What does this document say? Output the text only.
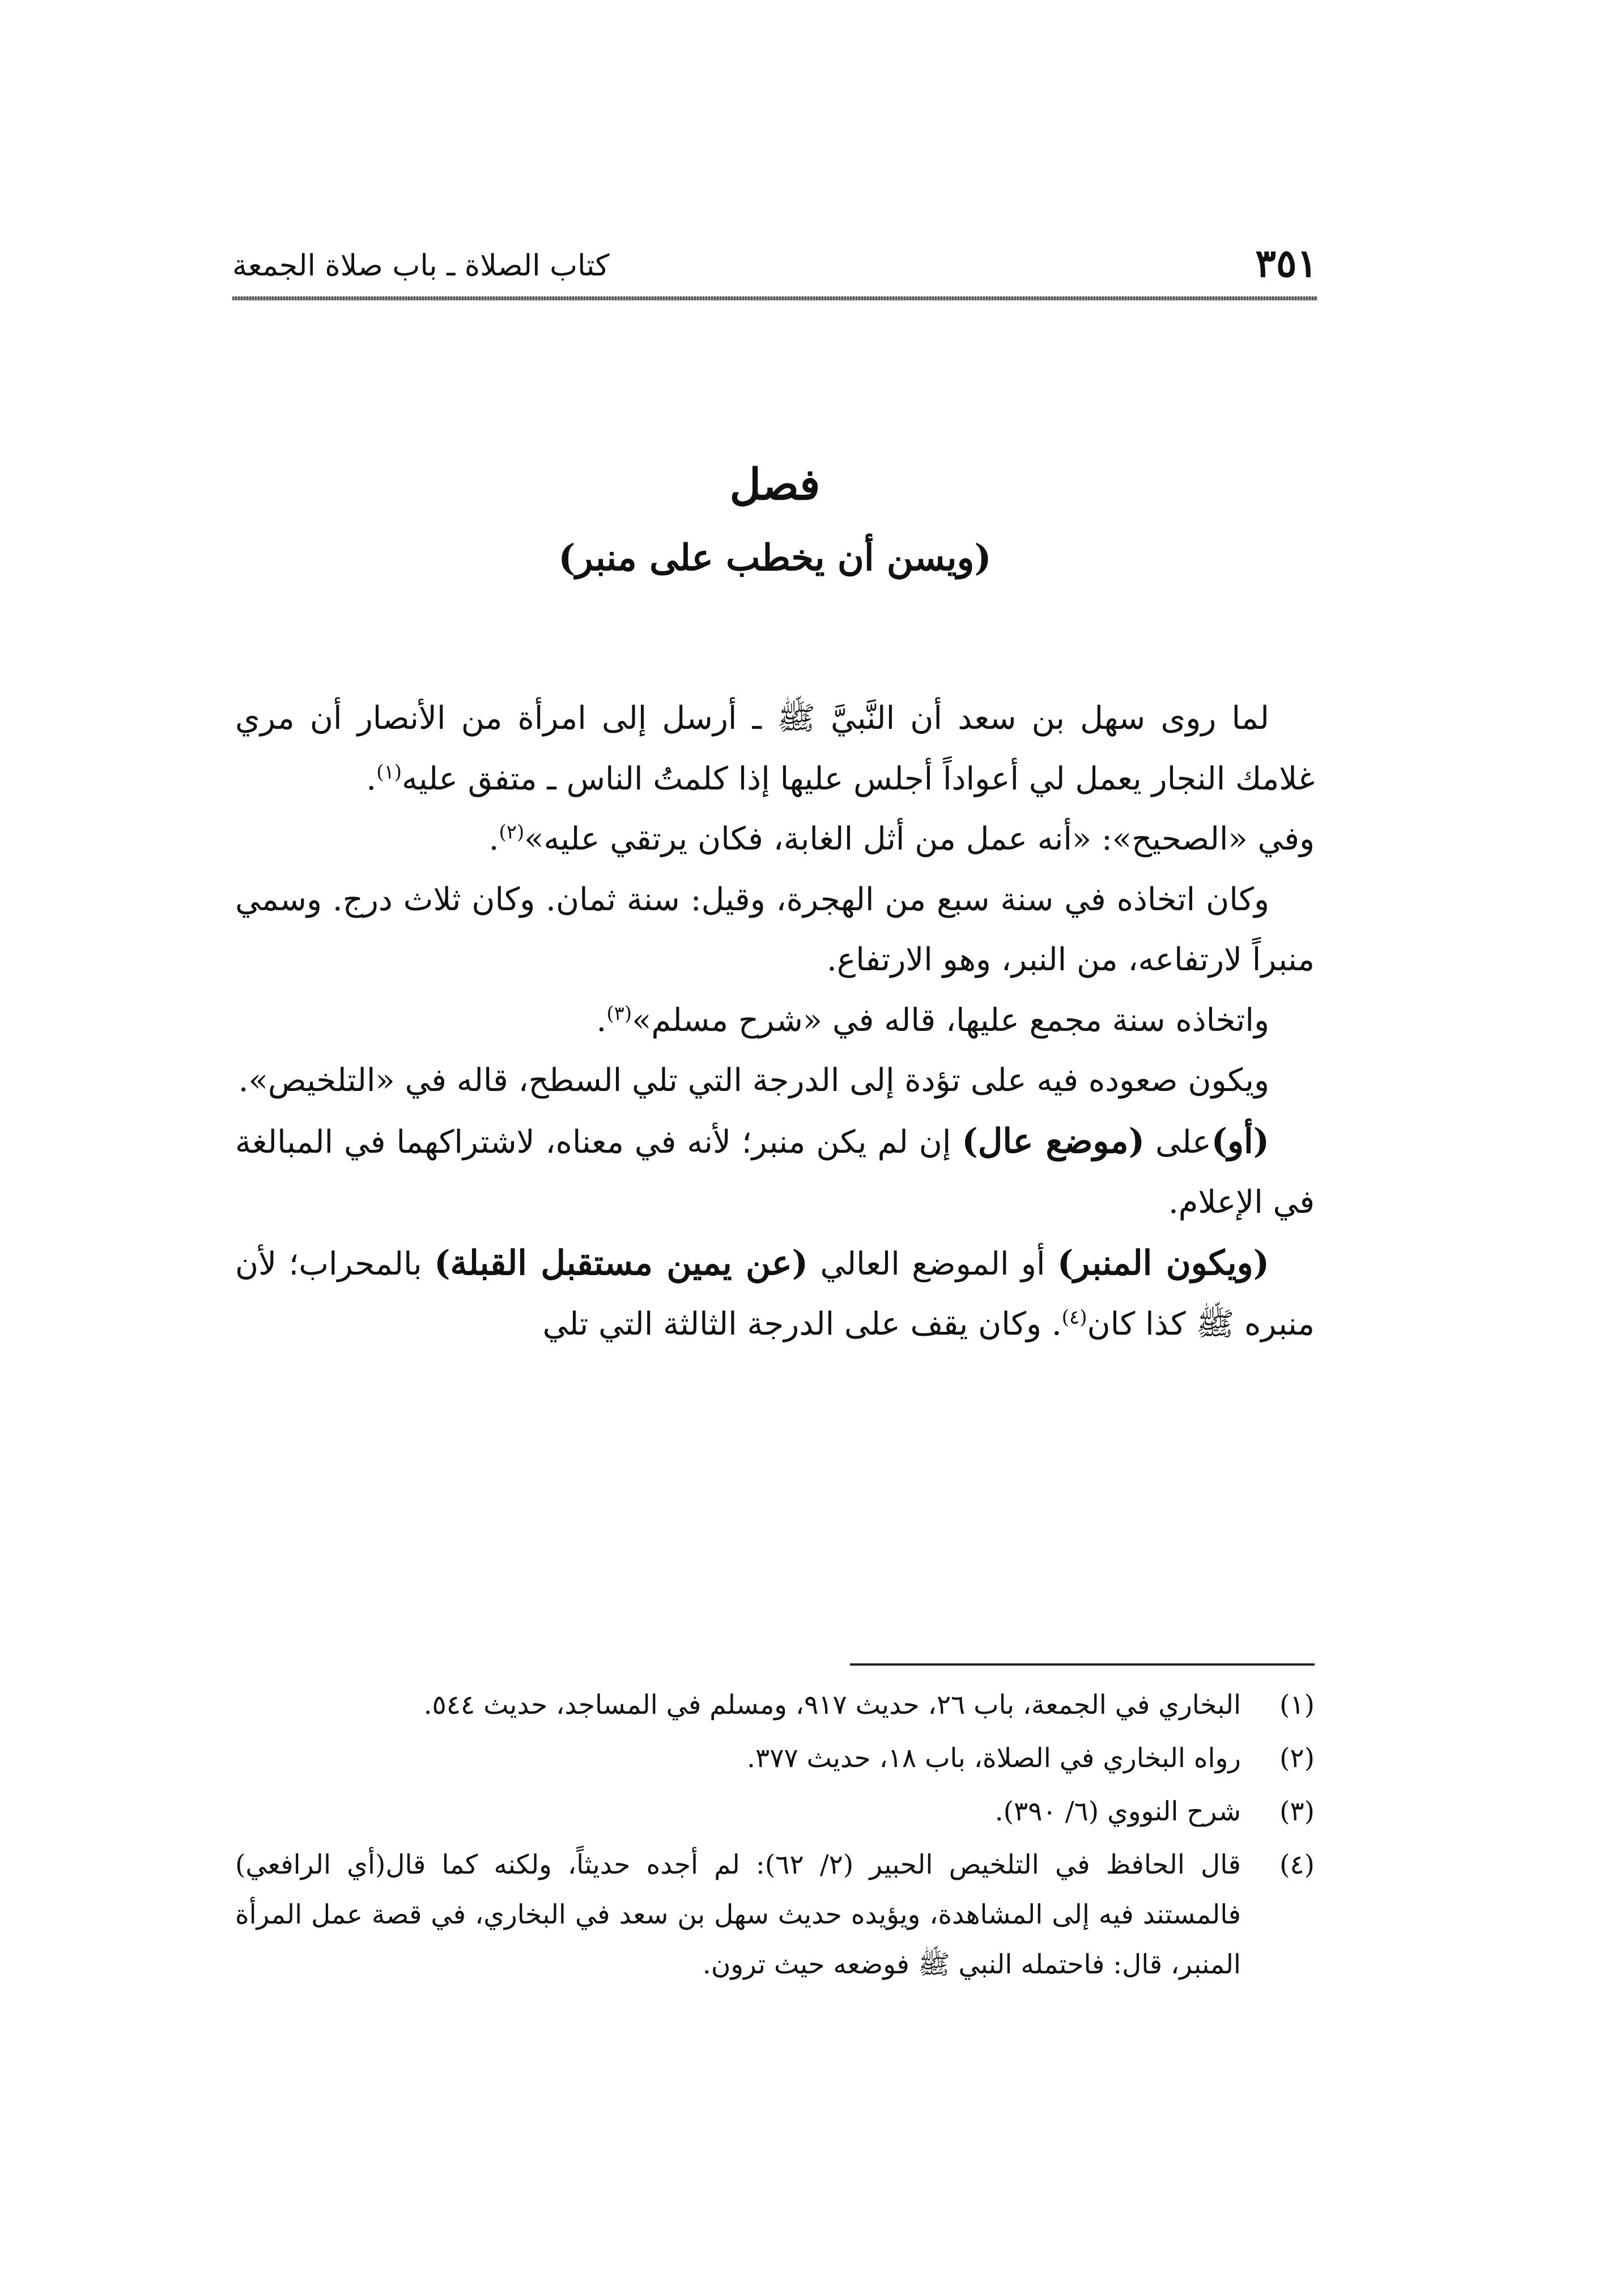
٣٥١
كتاب الصلاة ـ باب صلاة الجمعة
فصل
(ويسن أن يخطب على منبر)

لما روى سهل بن سعد أن النَّبيَّ ﷺ ـ أرسل إلى امرأة من الأنصار أن مري غلامك النجار يعمل لي أعواداً أجلس عليها إذا كلمتُ الناس ـ متفق عليه$^{(١)}$.

وفي «الصحيح»: «أنه عمل من أثل الغابة، فكان يرتقي عليه»$^{(٢)}$.

وكان اتخاذه في سنة سبع من الهجرة، وقيل: سنة ثمان. وكان ثلاث درج. وسمي منبراً لارتفاعه، من النبر، وهو الارتفاع.

واتخاذه سنة مجمع عليها، قاله في «شرح مسلم»$^{(٣)}$.

ويكون صعوده فيه على تؤدة إلى الدرجة التي تلي السطح، قاله في «التلخيص».

(أو)على (موضع عال) إن لم يكن منبر؛ لأنه في معناه، لاشتراكهما في المبالغة في الإعلام.

(ويكون المنبر) أو الموضع العالي (عن يمين مستقبل القبلة) بالمحراب؛ لأن منبره ﷺ كذا كان$^{(٤)}$. وكان يقف على الدرجة الثالثة التي تلي

(١)
البخاري في الجمعة، باب ٢٦، حديث ٩١٧، ومسلم في المساجد، حديث ٥٤٤.
(٢)
رواه البخاري في الصلاة، باب ١٨، حديث ٣٧٧.
(٣)
شرح النووي (٦/ ٣٩٠).
(٤)
قال الحافظ في التلخيص الحبير (٢/ ٦٢): لم أجده حديثاً، ولكنه كما قال(أي الرافعي) فالمستند فيه إلى المشاهدة، ويؤيده حديث سهل بن سعد في البخاري، في قصة عمل المرأة المنبر، قال: فاحتمله النبي ﷺ فوضعه حيث ترون.
